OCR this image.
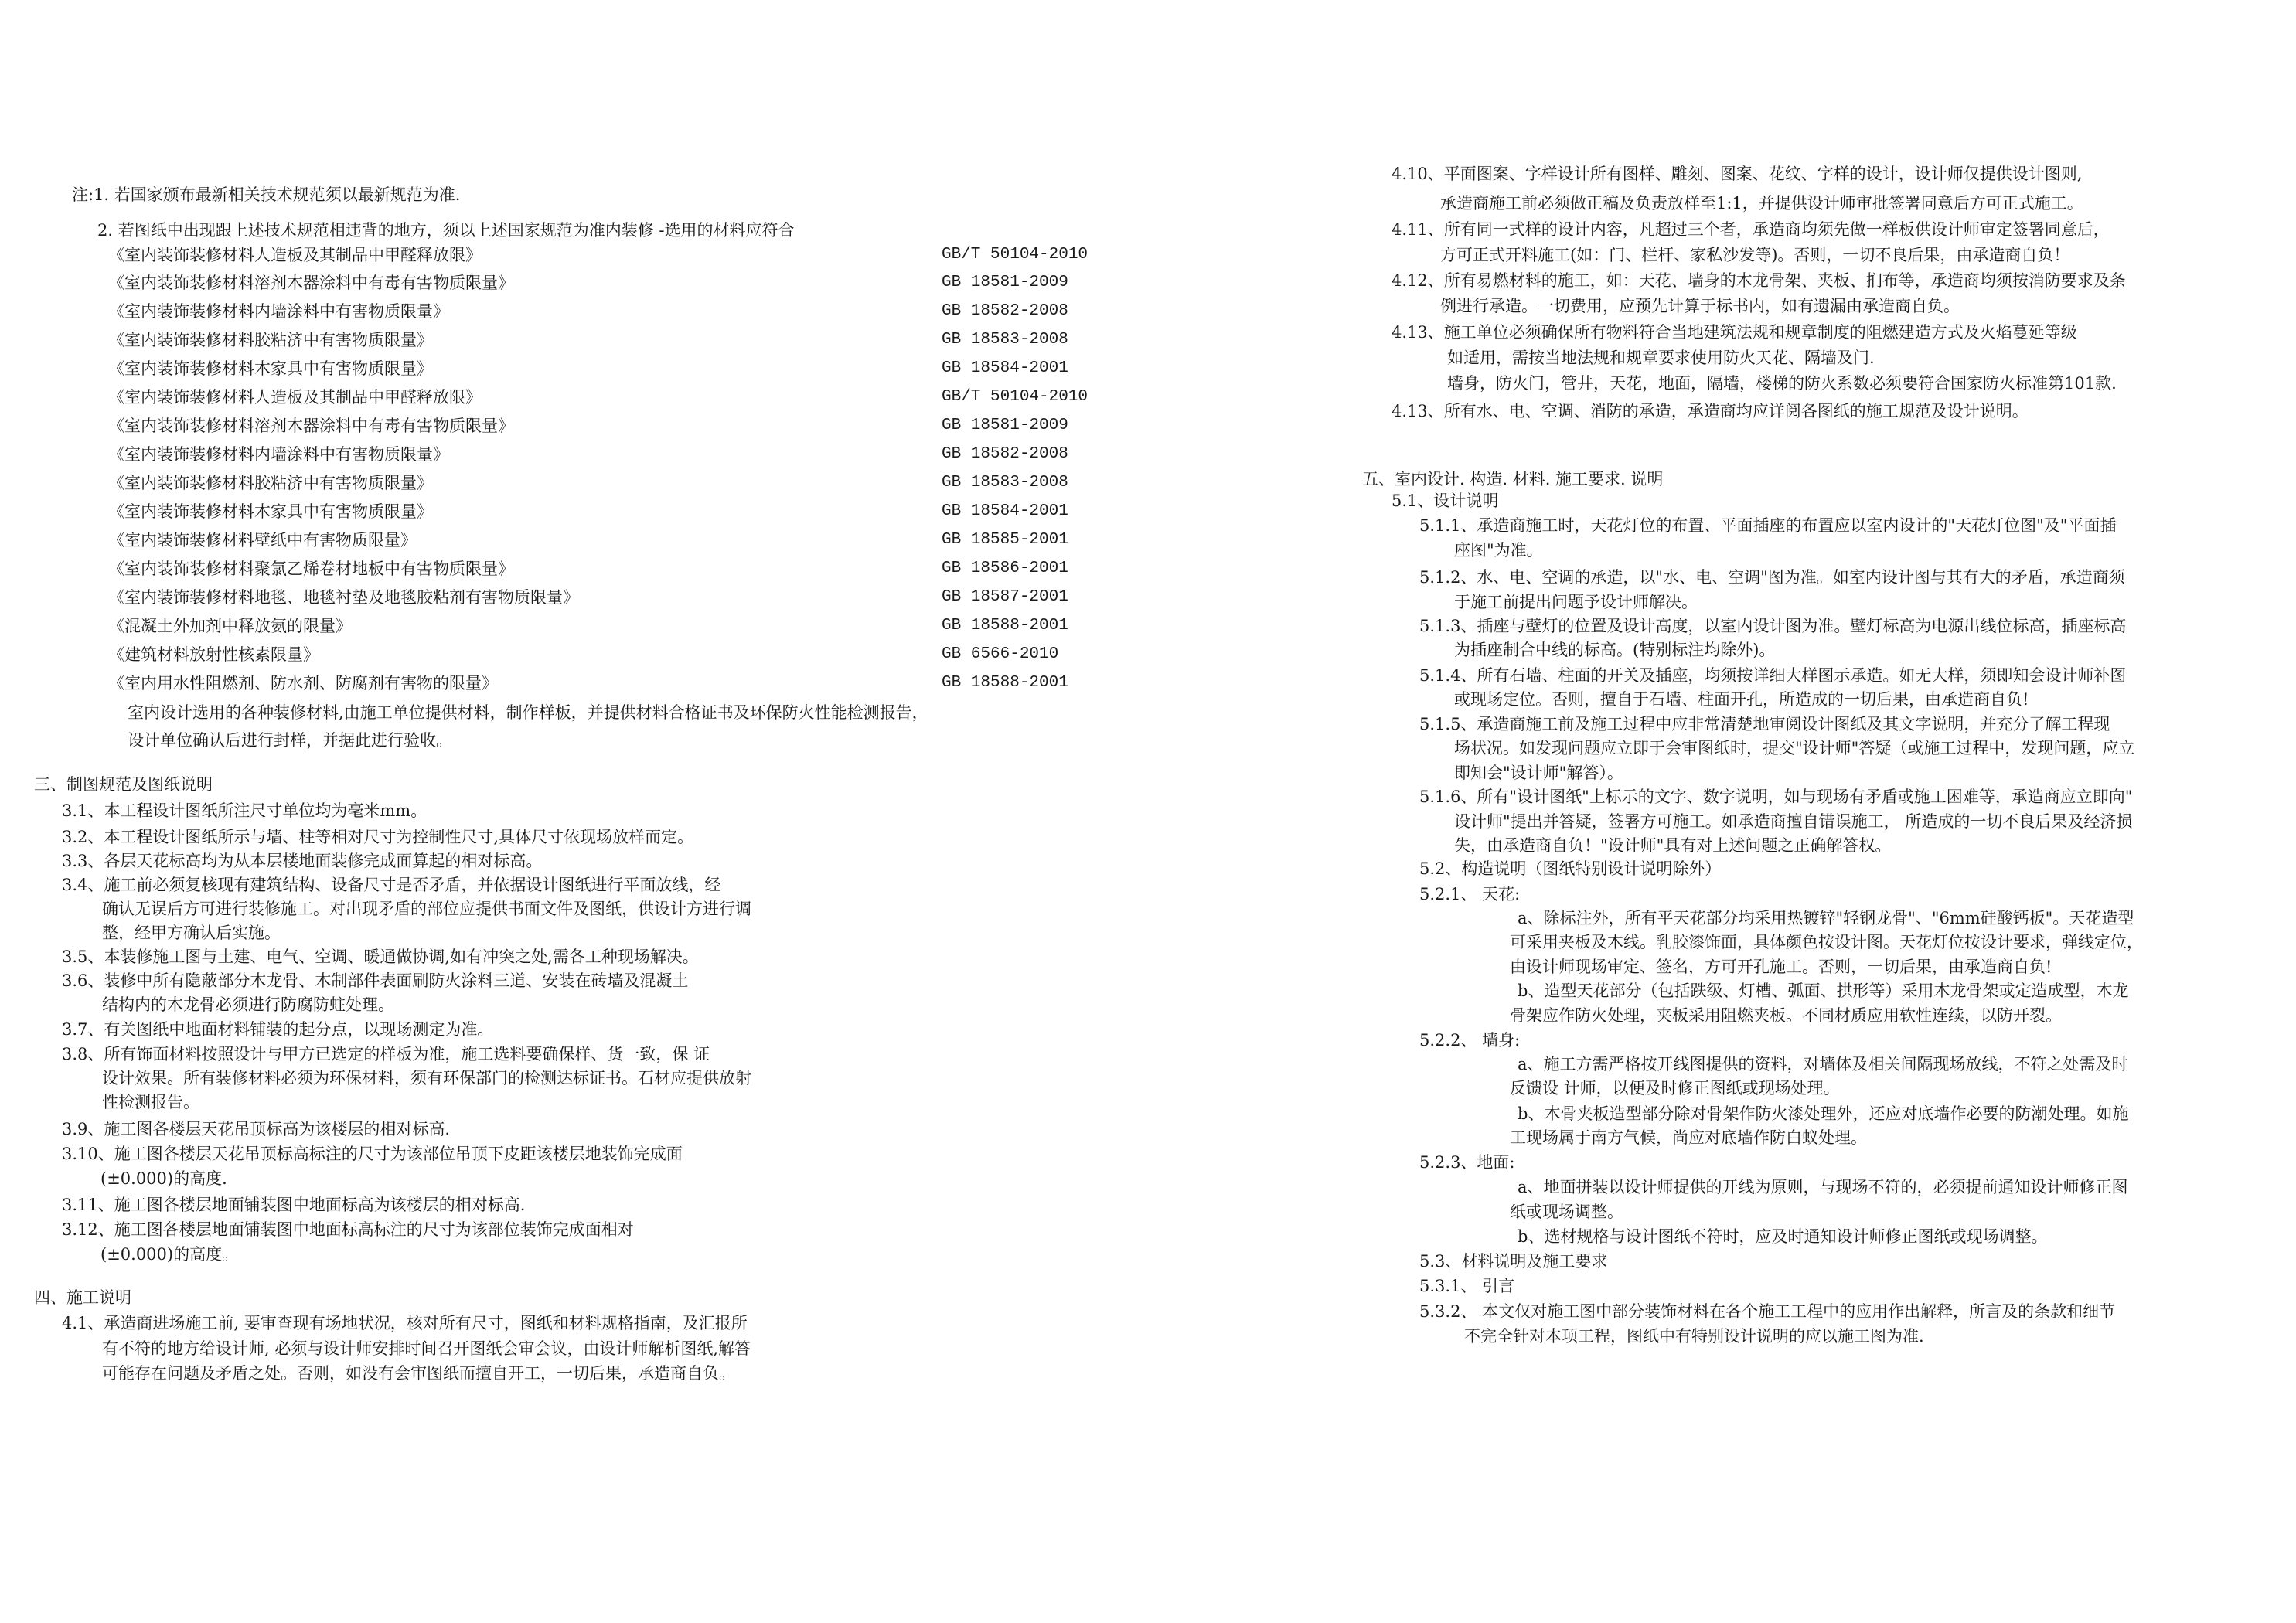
注:1. 若国家颁布最新相关技术规范须以最新规范为准.
2. 若图纸中出现跟上述技术规范相违背的地方，须以上述国家规范为准内装修 -选用的材料应符合
《室内装饰装修材料人造板及其制品中甲醛释放限》	GB/T 50104-2010
《室内装饰装修材料溶剂木器涂料中有毒有害物质限量》	GB 18581-2009
《室内装饰装修材料内墙涂料中有害物质限量》	GB 18582-2008
《室内装饰装修材料胶粘济中有害物质限量》	GB 18583-2008
《室内装饰装修材料木家具中有害物质限量》	GB 18584-2001
《室内装饰装修材料人造板及其制品中甲醛释放限》	GB/T 50104-2010
《室内装饰装修材料溶剂木器涂料中有毒有害物质限量》	GB 18581-2009
《室内装饰装修材料内墙涂料中有害物质限量》	GB 18582-2008
《室内装饰装修材料胶粘济中有害物质限量》	GB 18583-2008
《室内装饰装修材料木家具中有害物质限量》	GB 18584-2001
《室内装饰装修材料壁纸中有害物质限量》	GB 18585-2001
《室内装饰装修材料聚氯乙烯卷材地板中有害物质限量》	GB 18586-2001
《室内装饰装修材料地毯、地毯衬垫及地毯胶粘剂有害物质限量》	GB 18587-2001
《混凝土外加剂中释放氨的限量》	GB 18588-2001
《建筑材料放射性核素限量》	GB 6566-2010
《室内用水性阻燃剂、防水剂、防腐剂有害物的限量》	GB 18588-2001
室内设计选用的各种装修材料,由施工单位提供材料，制作样板，并提供材料合格证书及环保防火性能检测报告，
设计单位确认后进行封样，并据此进行验收。
三、制图规范及图纸说明
3.1、本工程设计图纸所注尺寸单位均为毫米mm。
3.2、本工程设计图纸所示与墙、柱等相对尺寸为控制性尺寸,具体尺寸依现场放样而定。
3.3、各层天花标高均为从本层楼地面装修完成面算起的相对标高。
3.4、施工前必须复核现有建筑结构、设备尺寸是否矛盾，并依据设计图纸进行平面放线，经
确认无误后方可进行装修施工。对出现矛盾的部位应提供书面文件及图纸，供设计方进行调
整，经甲方确认后实施。
3.5、本装修施工图与土建、电气、空调、暖通做协调,如有冲突之处,需各工种现场解决。
3.6、装修中所有隐蔽部分木龙骨、木制部件表面刷防火涂料三道、安装在砖墙及混凝土
结构内的木龙骨必须进行防腐防蛀处理。
3.7、有关图纸中地面材料铺装的起分点，以现场测定为准。
3.8、所有饰面材料按照设计与甲方已选定的样板为准，施工选料要确保样、货一致，保 证
设计效果。所有装修材料必须为环保材料，须有环保部门的检测达标证书。石材应提供放射
性检测报告。
3.9、施工图各楼层天花吊顶标高为该楼层的相对标高.
3.10、施工图各楼层天花吊顶标高标注的尺寸为该部位吊顶下皮距该楼层地装饰完成面
(±0.000)的高度.
3.11、施工图各楼层地面铺装图中地面标高为该楼层的相对标高.
3.12、施工图各楼层地面铺装图中地面标高标注的尺寸为该部位装饰完成面相对
(±0.000)的高度。
四、施工说明
4.1、承造商进场施工前, 要审查现有场地状况，核对所有尺寸，图纸和材料规格指南，及汇报所
有不符的地方给设计师, 必须与设计师安排时间召开图纸会审会议，由设计师解析图纸,解答
可能存在问题及矛盾之处。否则，如没有会审图纸而擅自开工，一切后果，承造商自负。
4.10、平面图案、字样设计所有图样、雕刻、图案、花纹、字样的设计，设计师仅提供设计图则,
承造商施工前必须做正稿及负责放样至1:1，并提供设计师审批签署同意后方可正式施工。
4.11、所有同一式样的设计内容，凡超过三个者，承造商均须先做一样板供设计师审定签署同意后，
方可正式开料施工(如：门、栏杆、家私沙发等)。否则，一切不良后果，由承造商自负！
4.12、所有易燃材料的施工，如：天花、墙身的木龙骨架、夹板、扪布等，承造商均须按消防要求及条
例进行承造。一切费用，应预先计算于标书内，如有遗漏由承造商自负。
4.13、施工单位必须确保所有物料符合当地建筑法规和规章制度的阻燃建造方式及火焰蔓延等级
如适用，需按当地法规和规章要求使用防火天花、隔墙及门.
墙身，防火门，管井，天花，地面，隔墙，楼梯的防火系数必须要符合国家防火标准第101款.
4.13、所有水、电、空调、消防的承造，承造商均应详阅各图纸的施工规范及设计说明。
五、室内设计. 构造. 材料. 施工要求. 说明
5.1、设计说明
5.1.1、承造商施工时，天花灯位的布置、平面插座的布置应以室内设计的"天花灯位图"及"平面插
座图"为准。
5.1.2、水、电、空调的承造，以"水、电、空调"图为准。如室内设计图与其有大的矛盾，承造商须
于施工前提出问题予设计师解决。
5.1.3、插座与壁灯的位置及设计高度，以室内设计图为准。壁灯标高为电源出线位标高，插座标高
为插座制合中线的标高。(特别标注均除外)。
5.1.4、所有石墙、柱面的开关及插座，均须按详细大样图示承造。如无大样，须即知会设计师补图
或现场定位。否则，擅自于石墙、柱面开孔，所造成的一切后果，由承造商自负!
5.1.5、承造商施工前及施工过程中应非常清楚地审阅设计图纸及其文字说明，并充分了解工程现
场状况。如发现问题应立即于会审图纸时，提交"设计师"答疑（或施工过程中，发现问题，应立
即知会"设计师"解答）。
5.1.6、所有"设计图纸"上标示的文字、数字说明，如与现场有矛盾或施工困难等，承造商应立即向"
设计师"提出并答疑，签署方可施工。如承造商擅自错误施工， 所造成的一切不良后果及经济损
失，由承造商自负！"设计师"具有对上述问题之正确解答权。
5.2、构造说明（图纸特别设计说明除外）
5.2.1、 天花:
a、除标注外，所有平天花部分均采用热镀锌"轻钢龙骨"、"6mm硅酸钙板"。天花造型
可采用夹板及木线。乳胶漆饰面，具体颜色按设计图。天花灯位按设计要求，弹线定位，
由设计师现场审定、签名，方可开孔施工。否则，一切后果，由承造商自负!
b、造型天花部分（包括跌级、灯槽、弧面、拱形等）采用木龙骨架或定造成型，木龙
骨架应作防火处理，夹板采用阻燃夹板。不同材质应用软性连续，以防开裂。
5.2.2、 墙身:
a、施工方需严格按开线图提供的资料，对墙体及相关间隔现场放线，不符之处需及时
反馈设 计师，以便及时修正图纸或现场处理。
b、木骨夹板造型部分除对骨架作防火漆处理外，还应对底墙作必要的防潮处理。如施
工现场属于南方气候，尚应对底墙作防白蚁处理。
5.2.3、地面:
a、地面拼装以设计师提供的开线为原则，与现场不符的，必须提前通知设计师修正图
纸或现场调整。
b、选材规格与设计图纸不符时，应及时通知设计师修正图纸或现场调整。
5.3、材料说明及施工要求
5.3.1、 引言
5.3.2、 本文仅对施工图中部分装饰材料在各个施工工程中的应用作出解释，所言及的条款和细节
不完全针对本项工程，图纸中有特别设计说明的应以施工图为准.
